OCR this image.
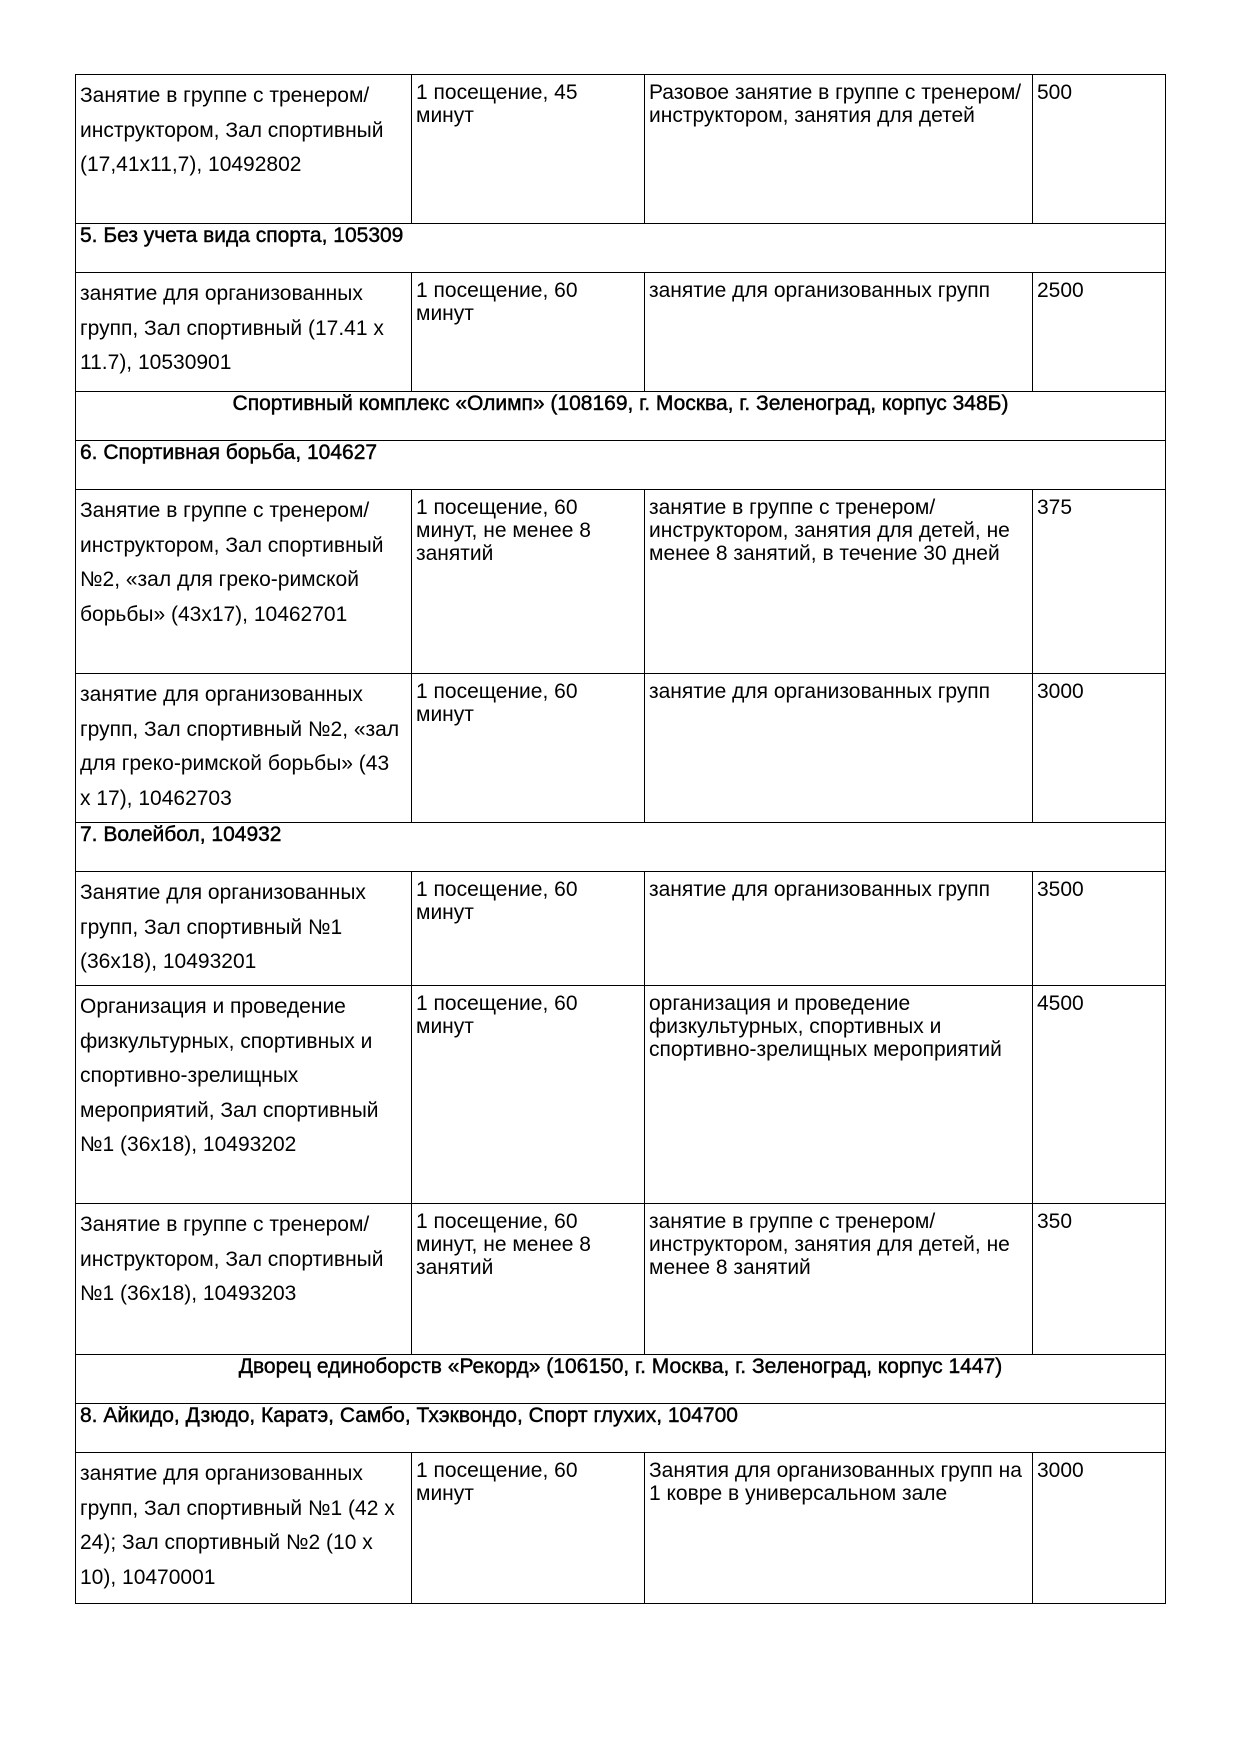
Занятие в группе с тренером/инструктором, Зал спортивный (17,41х11,7), 10492802	1 посещение, 45 минут	Разовое занятие в группе с тренером/инструктором, занятия для детей	500
5. Без учета вида спорта, 105309			
занятие для организованных групп, Зал спортивный (17.41 х 11.7), 10530901	1 посещение, 60 минут	занятие для организованных групп	2500
Спортивный комплекс «Олимп» (108169, г. Москва, г. Зеленоград, корпус 348Б)			
6. Спортивная борьба, 104627			
Занятие в группе с тренером/инструктором, Зал спортивный №2, «зал для греко-римской борьбы» (43х17), 10462701	1 посещение, 60 минут, не менее 8 занятий	занятие в группе с тренером/инструктором, занятия для детей, не менее 8 занятий, в течение 30 дней	375
занятие для организованных групп, Зал спортивный №2, «зал для греко-римской борьбы» (43 х 17), 10462703	1 посещение, 60 минут	занятие для организованных групп	3000
7. Волейбол, 104932			
Занятие для организованных групп, Зал спортивный №1 (36х18), 10493201	1 посещение, 60 минут	занятие для организованных групп	3500
Организация и проведение физкультурных, спортивных и спортивно-зрелищных мероприятий, Зал спортивный №1 (36х18), 10493202	1 посещение, 60 минут	организация и проведение физкультурных, спортивных и спортивно-зрелищных мероприятий	4500
Занятие в группе с тренером/инструктором, Зал спортивный №1 (36х18), 10493203	1 посещение, 60 минут, не менее 8 занятий	занятие в группе с тренером/инструктором, занятия для детей, не менее 8 занятий	350
Дворец единоборств «Рекорд» (106150, г. Москва, г. Зеленоград, корпус 1447)			
8. Айкидо, Дзюдо, Каратэ, Самбо, Тхэквондо, Спорт глухих, 104700			
занятие для организованных групп, Зал спортивный №1 (42 х 24); Зал спортивный №2 (10 х 10), 10470001	1 посещение, 60 минут	Занятия для организованных групп на 1 ковре в универсальном зале	3000
